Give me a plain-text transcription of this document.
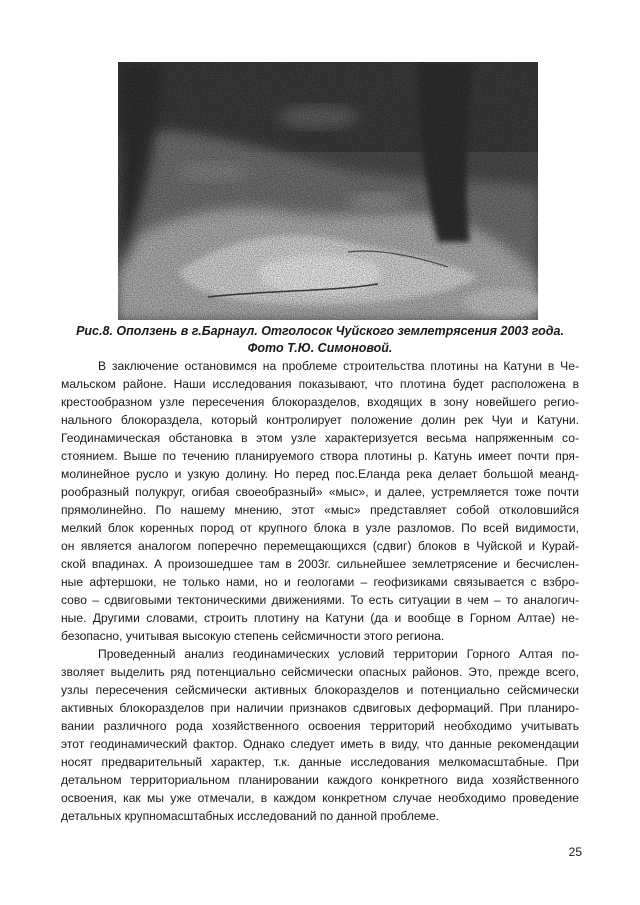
Рис.8. Оползень в г.Барнаул. Отголосок Чуйского землетрясения 2003 года.

Фото Т.Ю. Симоновой.

В заключение остановимся на проблеме строительства плотины на Катуни в Че-
мальском районе. Наши исследования показывают, что плотина будет расположена в
крестообразном узле пересечения блокоразделов, входящих в зону новейшего регио-
нального блокораздела, который контролирует положение долин рек Чуи и Катуни.
Геодинамическая обстановка в этом узле характеризуется весьма напряженным со-
стоянием. Выше по течению планируемого створа плотины р. Катунь имеет почти пря-
молинейное русло и узкую долину. Но перед пос.Еланда река делает большой меанд-
рообразный полукруг, огибая своеобразный» «мыс», и далее, устремляется тоже почти
прямолинейно. По нашему мнению, этот «мыс» представляет собой отколовшийся
мелкий блок коренных пород от крупного блока в узле разломов. По всей видимости,
он является аналогом поперечно перемещающихся (сдвиг) блоков в Чуйской и Курай-
ской впадинах. А произошедшее там в 2003г. сильнейшее землетрясение и бесчислен-
ные афтершоки, не только нами, но и геологами – геофизиками связывается с взбро-
сово – сдвиговыми тектоническими движениями. То есть ситуации в чем – то аналогич-
ные. Другими словами, строить плотину на Катуни (да и вообще в Горном Алтае) не-
безопасно, учитывая высокую степень сейсмичности этого региона.
Проведенный анализ геодинамических условий территории Горного Алтая по-
зволяет выделить ряд потенциально сейсмически опасных районов. Это, прежде всего,
узлы пересечения сейсмически активных блокоразделов и потенциально сейсмически
активных блокоразделов при наличии признаков сдвиговых деформаций. При планиро-
вании различного рода хозяйственного освоения территорий необходимо учитывать
этот геодинамический фактор. Однако следует иметь в виду, что данные рекомендации
носят предварительный характер, т.к. данные исследования мелкомасштабные. При
детальном территориальном планировании каждого конкретного вида хозяйственного
освоения, как мы уже отмечали, в каждом конкретном случае необходимо проведение
детальных крупномасштабных исследований по данной проблеме.
25
